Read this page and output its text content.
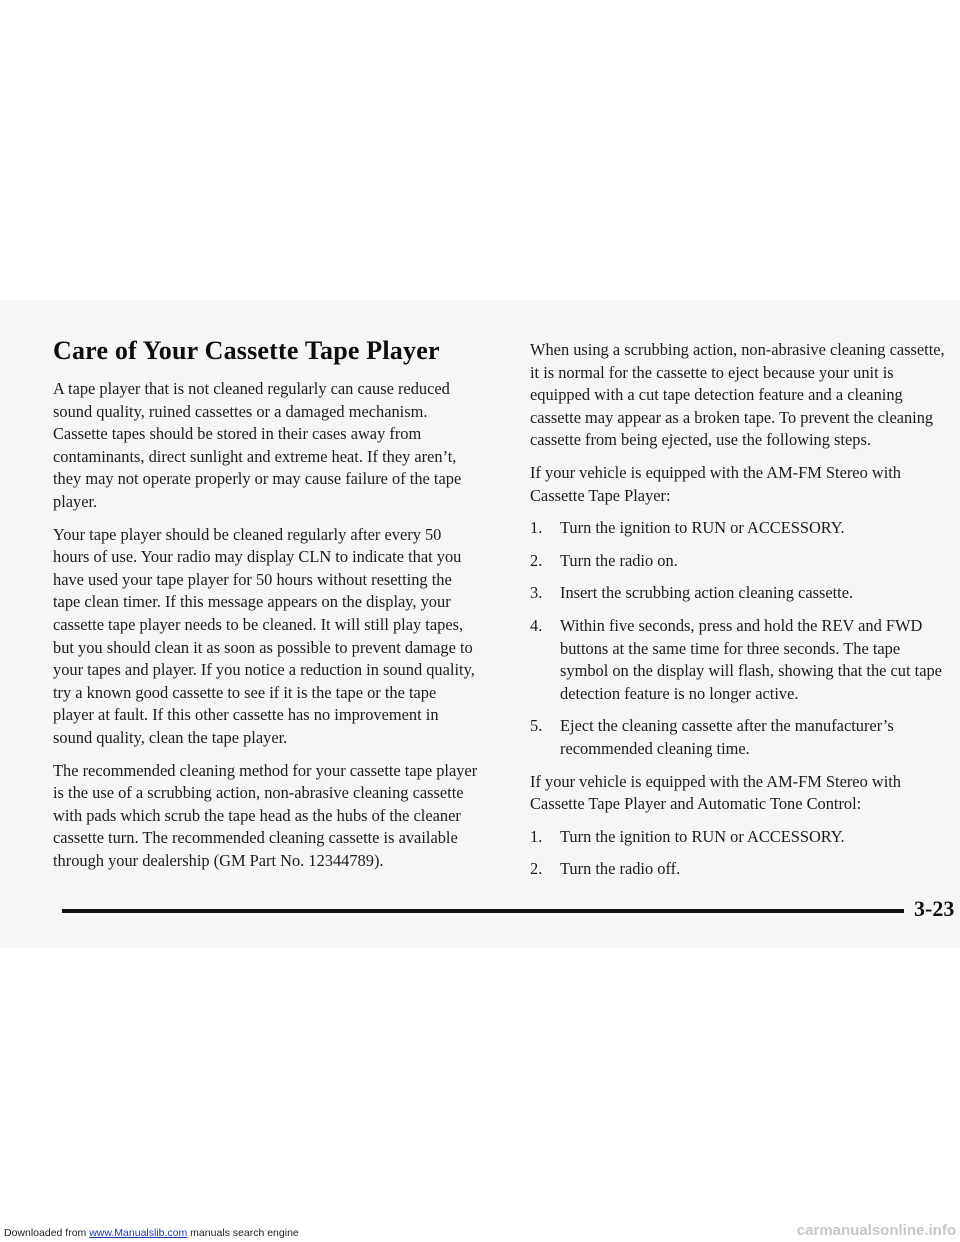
Care of Your Cassette Tape Player

A tape player that is not cleaned regularly can cause reduced sound quality, ruined cassettes or a damaged mechanism. Cassette tapes should be stored in their cases away from contaminants, direct sunlight and extreme heat. If they aren’t, they may not operate properly or may cause failure of the tape player.

Your tape player should be cleaned regularly after every 50 hours of use. Your radio may display CLN to indicate that you have used your tape player for 50 hours without resetting the tape clean timer. If this message appears on the display, your cassette tape player needs to be cleaned. It will still play tapes, but you should clean it as soon as possible to prevent damage to your tapes and player. If you notice a reduction in sound quality, try a known good cassette to see if it is the tape or the tape player at fault. If this other cassette has no improvement in sound quality, clean the tape player.

The recommended cleaning method for your cassette tape player is the use of a scrubbing action, non-abrasive cleaning cassette with pads which scrub the tape head as the hubs of the cleaner cassette turn. The recommended cleaning cassette is available through your dealership (GM Part No. 12344789).

When using a scrubbing action, non-abrasive cleaning cassette, it is normal for the cassette to eject because your unit is equipped with a cut tape detection feature and a cleaning cassette may appear as a broken tape. To prevent the cleaning cassette from being ejected, use the following steps.

If your vehicle is equipped with the AM-FM Stereo with Cassette Tape Player:

1. Turn the ignition to RUN or ACCESSORY.
2. Turn the radio on.
3. Insert the scrubbing action cleaning cassette.
4. Within five seconds, press and hold the REV and FWD buttons at the same time for three seconds. The tape symbol on the display will flash, showing that the cut tape detection feature is no longer active.
5. Eject the cleaning cassette after the manufacturer’s recommended cleaning time.

If your vehicle is equipped with the AM-FM Stereo with Cassette Tape Player and Automatic Tone Control:

1. Turn the ignition to RUN or ACCESSORY.
2. Turn the radio off.
3-23
Downloaded from www.Manualslib.com manuals search engine	carmanualsonline.info
